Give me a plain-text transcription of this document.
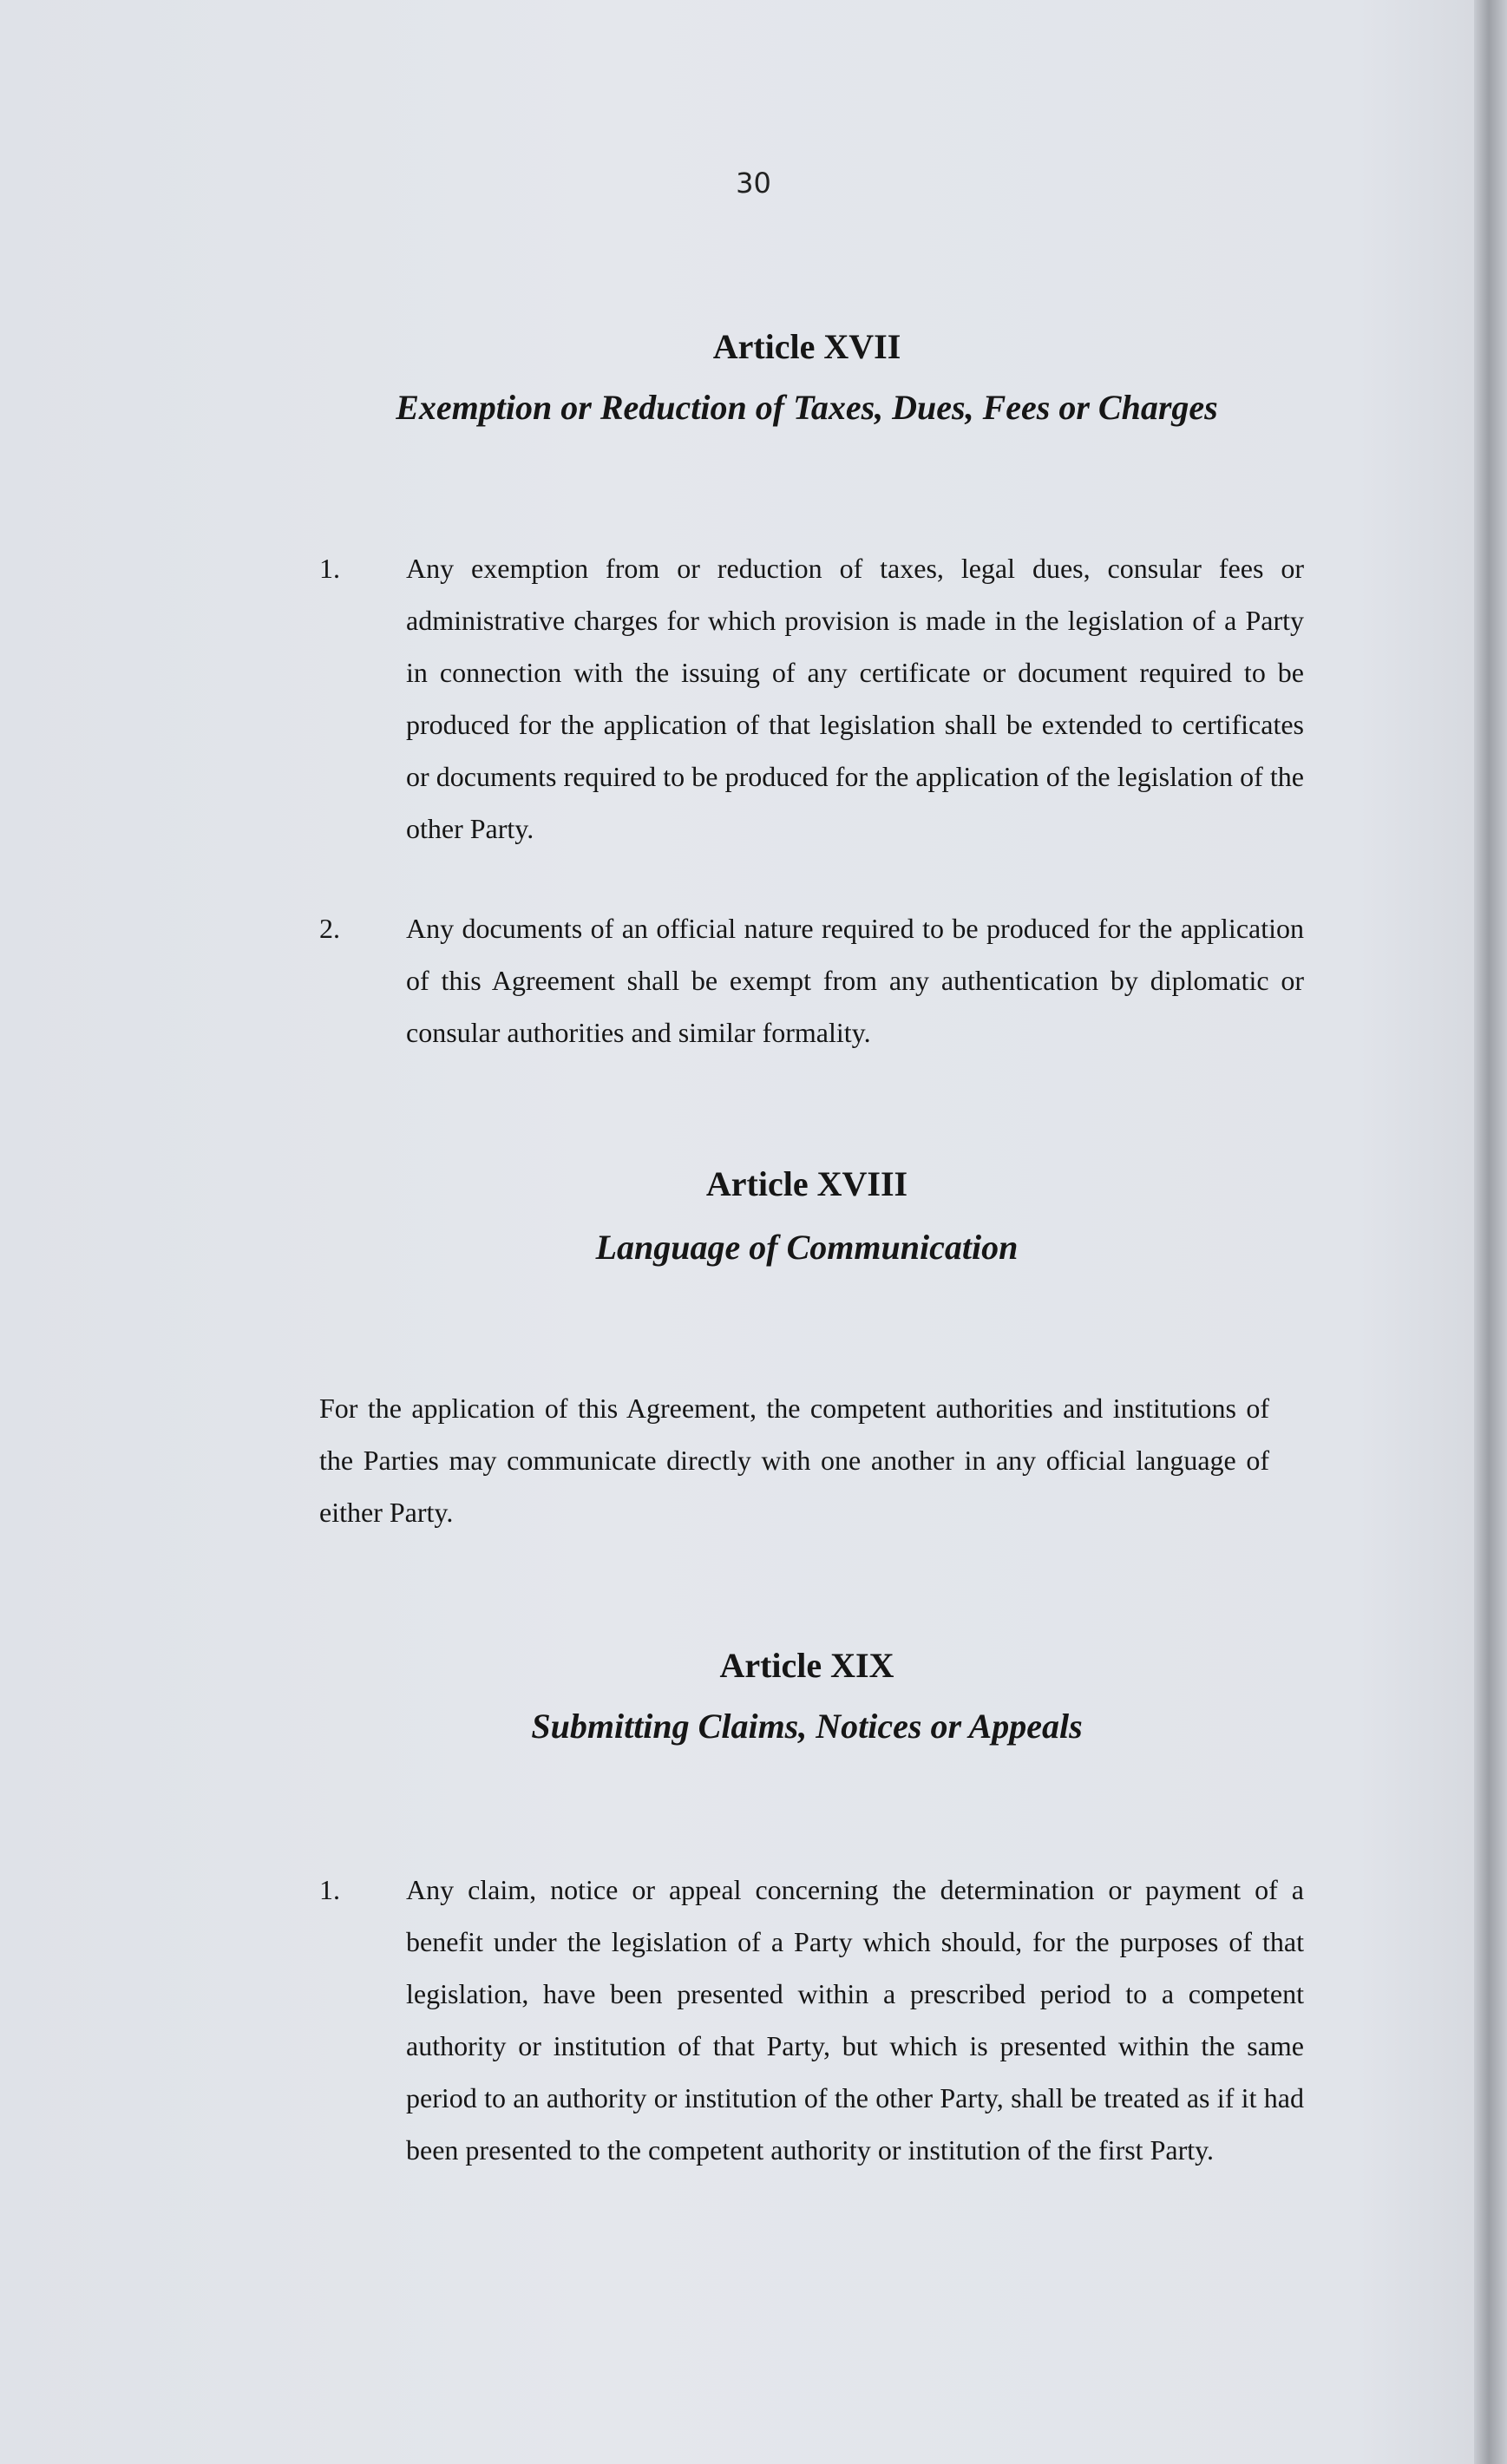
30
Article XVII
Exemption or Reduction of Taxes, Dues, Fees or Charges
1. Any exemption from or reduction of taxes, legal dues, consular fees or administrative charges for which provision is made in the legislation of a Party in connection with the issuing of any certificate or document required to be produced for the application of that legislation shall be extended to certificates or documents required to be produced for the application of the legislation of the other Party.
2. Any documents of an official nature required to be produced for the application of this Agreement shall be exempt from any authentication by diplomatic or consular authorities and similar formality.
Article XVIII
Language of Communication
For the application of this Agreement, the competent authorities and institutions of the Parties may communicate directly with one another in any official language of either Party.
Article XIX
Submitting Claims, Notices or Appeals
1. Any claim, notice or appeal concerning the determination or payment of a benefit under the legislation of a Party which should, for the purposes of that legislation, have been presented within a prescribed period to a competent authority or institution of that Party, but which is presented within the same period to an authority or institution of the other Party, shall be treated as if it had been presented to the competent authority or institution of the first Party.
